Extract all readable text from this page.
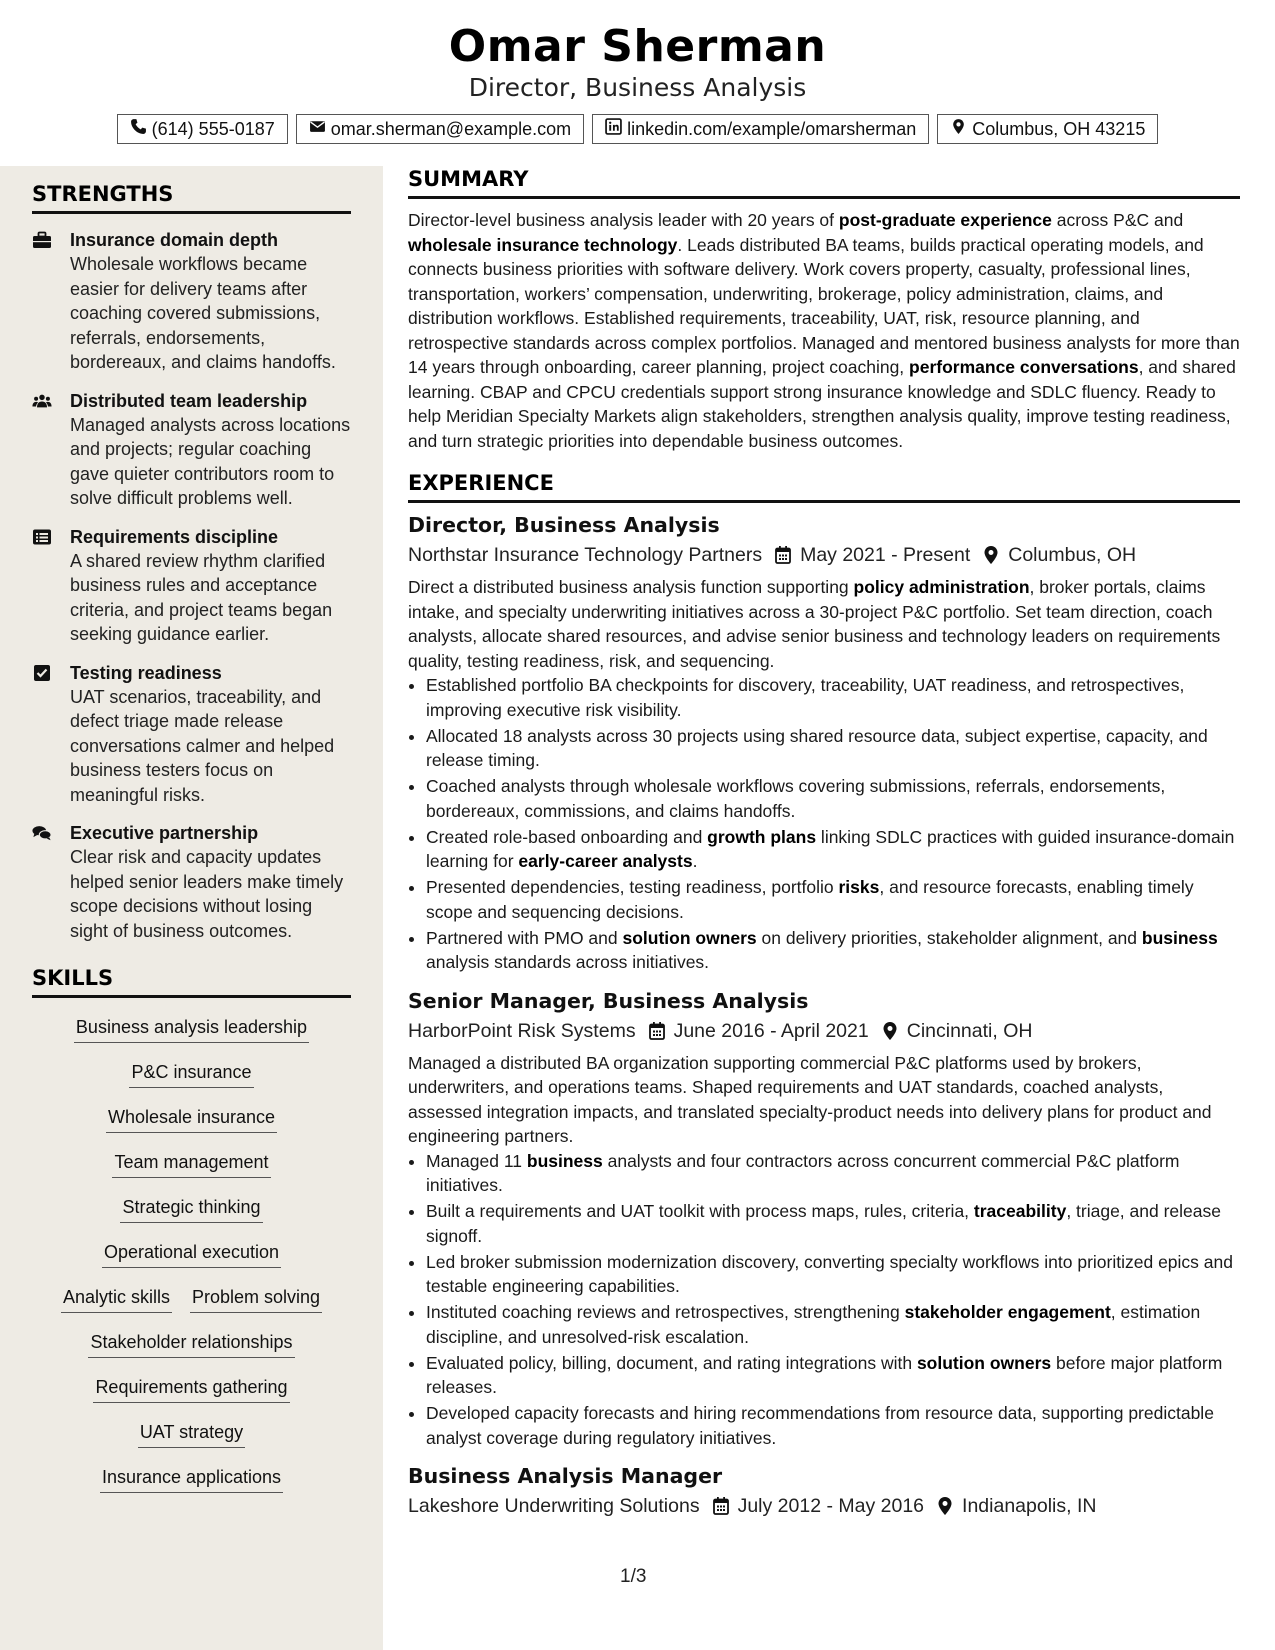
Omar Sherman
Director, Business Analysis
(614) 555-0187	omar.sherman@example.com	linkedin.com/example/omarsherman	Columbus, OH 43215
STRENGTHS
Insurance domain depth
Wholesale workflows became easier for delivery teams after coaching covered submissions, referrals, endorsements, bordereaux, and claims handoffs.
Distributed team leadership
Managed analysts across locations and projects; regular coaching gave quieter contributors room to solve difficult problems well.
Requirements discipline
A shared review rhythm clarified business rules and acceptance criteria, and project teams began seeking guidance earlier.
Testing readiness
UAT scenarios, traceability, and defect triage made release conversations calmer and helped business testers focus on meaningful risks.
Executive partnership
Clear risk and capacity updates helped senior leaders make timely scope decisions without losing sight of business outcomes.
SKILLS
Business analysis leadership
P&C insurance
Wholesale insurance
Team management
Strategic thinking
Operational execution
Analytic skills Problem solving
Stakeholder relationships
Requirements gathering
UAT strategy
Insurance applications
SUMMARY
Director-level business analysis leader with 20 years of post-graduate experience across P&C and wholesale insurance technology. Leads distributed BA teams, builds practical operating models, and connects business priorities with software delivery. Work covers property, casualty, professional lines, transportation, workers’ compensation, underwriting, brokerage, policy administration, claims, and distribution workflows. Established requirements, traceability, UAT, risk, resource planning, and retrospective standards across complex portfolios. Managed and mentored business analysts for more than 14 years through onboarding, career planning, project coaching, performance conversations, and shared learning. CBAP and CPCU credentials support strong insurance knowledge and SDLC fluency. Ready to help Meridian Specialty Markets align stakeholders, strengthen analysis quality, improve testing readiness, and turn strategic priorities into dependable business outcomes.
EXPERIENCE
Director, Business Analysis
Northstar Insurance Technology Partners May 2021 - Present Columbus, OH
Direct a distributed business analysis function supporting policy administration, broker portals, claims intake, and specialty underwriting initiatives across a 30-project P&C portfolio. Set team direction, coach analysts, allocate shared resources, and advise senior business and technology leaders on requirements quality, testing readiness, risk, and sequencing.
• Established portfolio BA checkpoints for discovery, traceability, UAT readiness, and retrospectives, improving executive risk visibility.
• Allocated 18 analysts across 30 projects using shared resource data, subject expertise, capacity, and release timing.
• Coached analysts through wholesale workflows covering submissions, referrals, endorsements, bordereaux, commissions, and claims handoffs.
• Created role-based onboarding and growth plans linking SDLC practices with guided insurance-domain learning for early-career analysts.
• Presented dependencies, testing readiness, portfolio risks, and resource forecasts, enabling timely scope and sequencing decisions.
• Partnered with PMO and solution owners on delivery priorities, stakeholder alignment, and business analysis standards across initiatives.
Senior Manager, Business Analysis
HarborPoint Risk Systems June 2016 - April 2021 Cincinnati, OH
Managed a distributed BA organization supporting commercial P&C platforms used by brokers, underwriters, and operations teams. Shaped requirements and UAT standards, coached analysts, assessed integration impacts, and translated specialty-product needs into delivery plans for product and engineering partners.
• Managed 11 business analysts and four contractors across concurrent commercial P&C platform initiatives.
• Built a requirements and UAT toolkit with process maps, rules, criteria, traceability, triage, and release signoff.
• Led broker submission modernization discovery, converting specialty workflows into prioritized epics and testable engineering capabilities.
• Instituted coaching reviews and retrospectives, strengthening stakeholder engagement, estimation discipline, and unresolved-risk escalation.
• Evaluated policy, billing, document, and rating integrations with solution owners before major platform releases.
• Developed capacity forecasts and hiring recommendations from resource data, supporting predictable analyst coverage during regulatory initiatives.
Business Analysis Manager
Lakeshore Underwriting Solutions July 2012 - May 2016 Indianapolis, IN
1/3
